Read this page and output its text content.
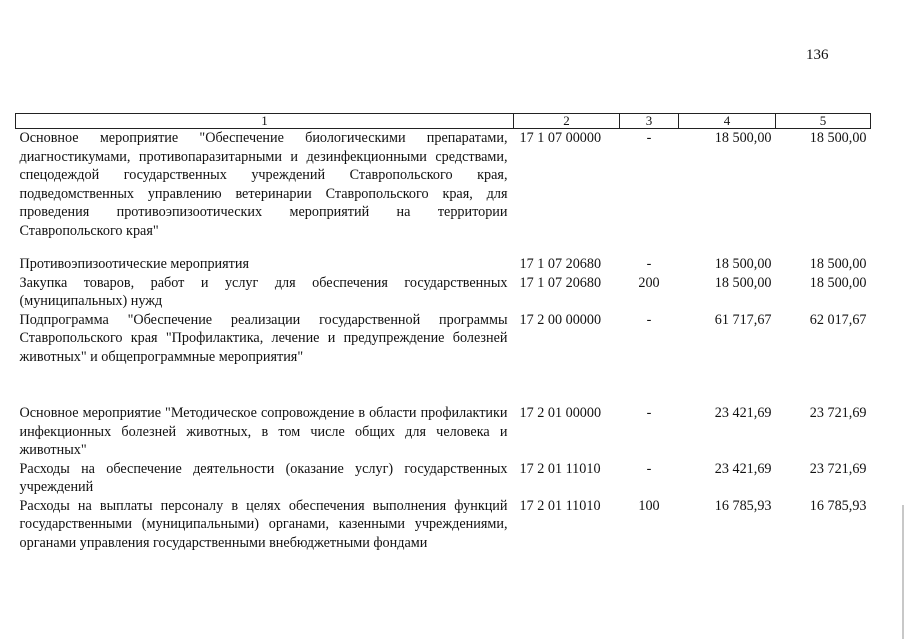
136
1	2	3	4	5
Основное мероприятие "Обеспечение биологическими препаратами, диагностикумами, противопаразитарными и дезинфекционными средствами, спецодеждой государственных учреждений Ставропольского края, подведомственных управлению ветеринарии Ставропольского края, для проведения противоэпизоотических мероприятий на территории Ставропольского края"	17 1 07 00000	-	18 500,00	18 500,00
Противоэпизоотические мероприятия	17 1 07 20680	-	18 500,00	18 500,00
Закупка товаров, работ и услуг для обеспечения государственных (муниципальных) нужд	17 1 07 20680	200	18 500,00	18 500,00
Подпрограмма "Обеспечение реализации государственной программы Ставропольского края "Профилактика, лечение и предупреждение болезней животных" и общепрограммные мероприятия"	17 2 00 00000	-	61 717,67	62 017,67
Основное мероприятие "Методическое сопровождение в области профилактики инфекционных болезней животных, в том числе общих для человека и животных"	17 2 01 00000	-	23 421,69	23 721,69
Расходы на обеспечение деятельности (оказание услуг) государственных учреждений	17 2 01 11010	-	23 421,69	23 721,69
Расходы на выплаты персоналу в целях обеспечения выполнения функций государственными (муниципальными) органами, казенными учреждениями, органами управления государственными внебюджетными фондами	17 2 01 11010	100	16 785,93	16 785,93
